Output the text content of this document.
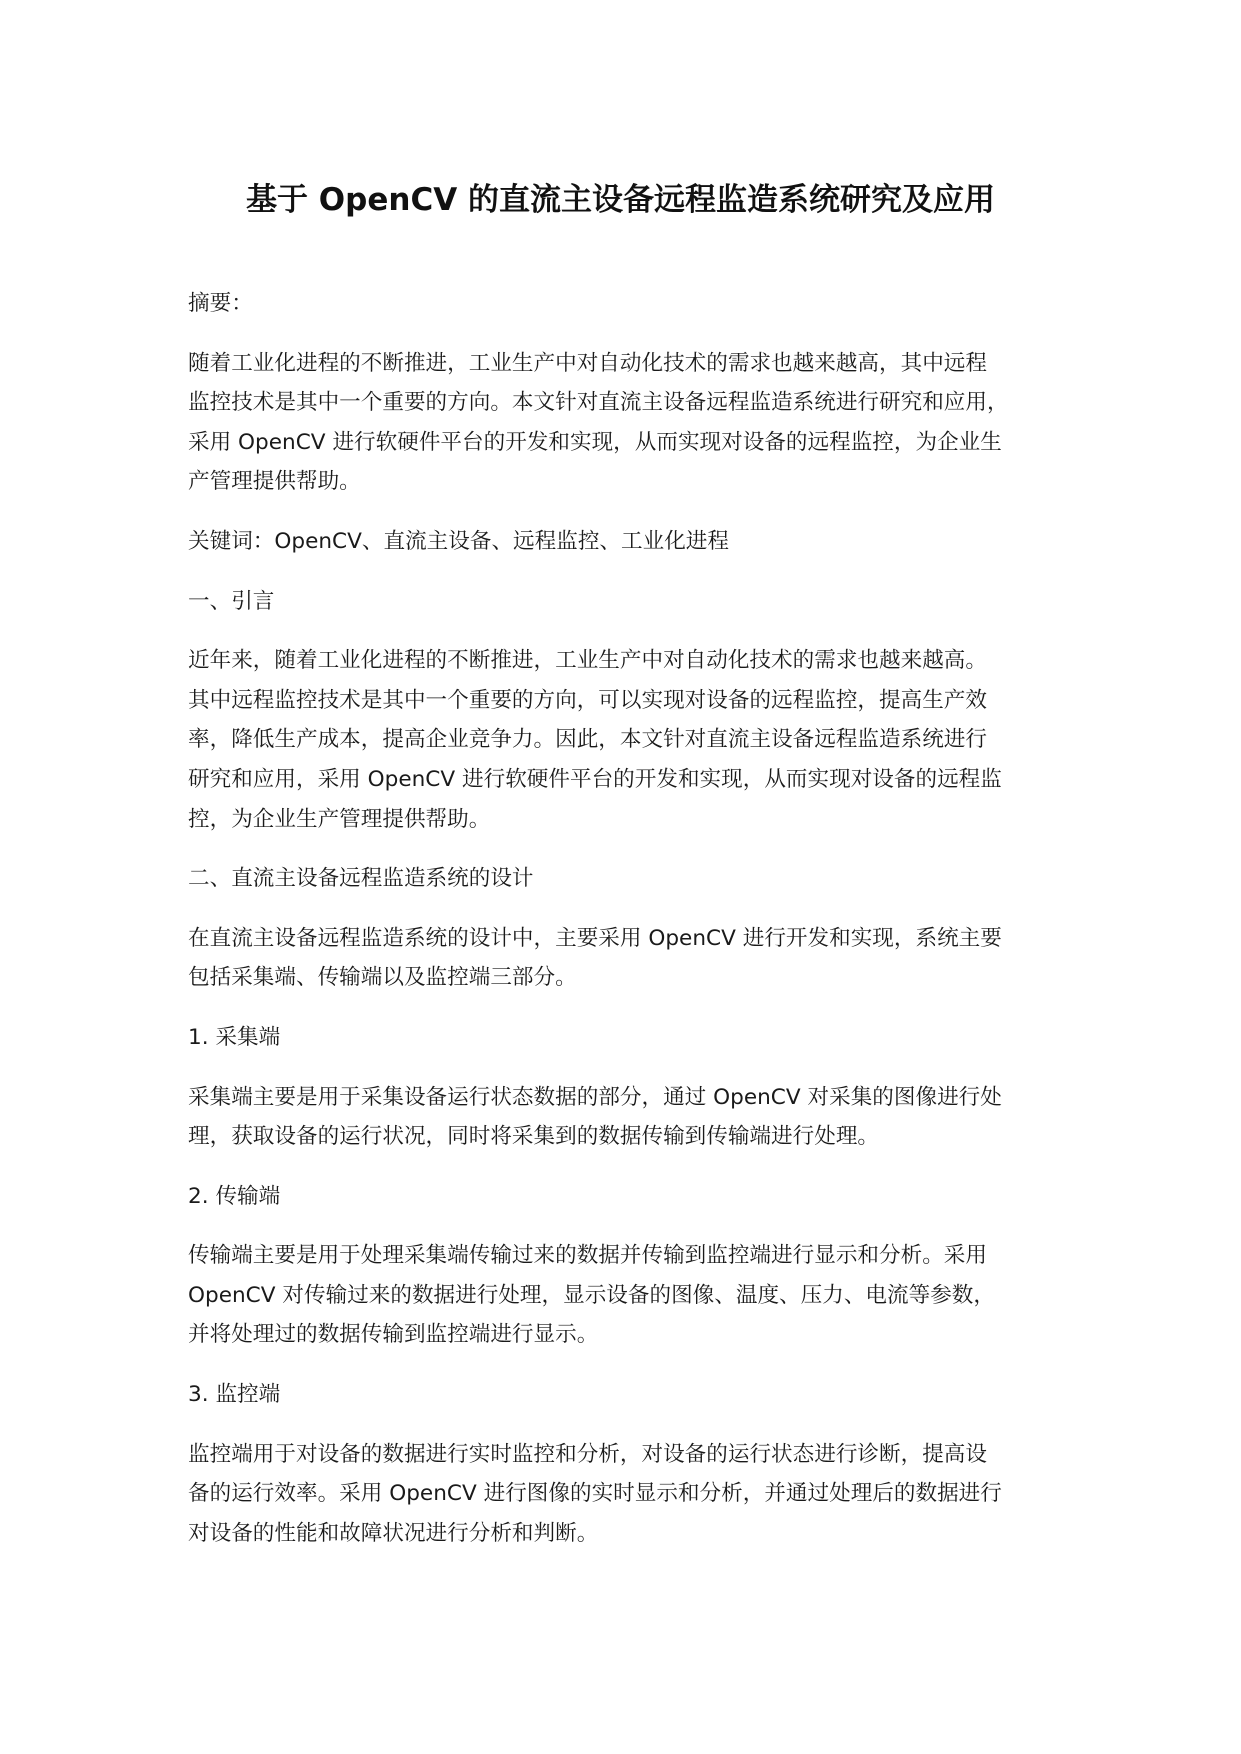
基于 OpenCV 的直流主设备远程监造系统研究及应用

摘要：

随着工业化进程的不断推进，工业生产中对自动化技术的需求也越来越高，其中远程
监控技术是其中一个重要的方向。本文针对直流主设备远程监造系统进行研究和应用，
采用 OpenCV 进行软硬件平台的开发和实现，从而实现对设备的远程监控，为企业生
产管理提供帮助。

关键词：OpenCV、直流主设备、远程监控、工业化进程

一、引言

近年来，随着工业化进程的不断推进，工业生产中对自动化技术的需求也越来越高。
其中远程监控技术是其中一个重要的方向，可以实现对设备的远程监控，提高生产效
率，降低生产成本，提高企业竞争力。因此，本文针对直流主设备远程监造系统进行
研究和应用，采用 OpenCV 进行软硬件平台的开发和实现，从而实现对设备的远程监
控，为企业生产管理提供帮助。

二、直流主设备远程监造系统的设计

在直流主设备远程监造系统的设计中，主要采用 OpenCV 进行开发和实现，系统主要
包括采集端、传输端以及监控端三部分。

1. 采集端

采集端主要是用于采集设备运行状态数据的部分，通过 OpenCV 对采集的图像进行处
理，获取设备的运行状况，同时将采集到的数据传输到传输端进行处理。

2. 传输端

传输端主要是用于处理采集端传输过来的数据并传输到监控端进行显示和分析。采用
OpenCV 对传输过来的数据进行处理，显示设备的图像、温度、压力、电流等参数，
并将处理过的数据传输到监控端进行显示。

3. 监控端

监控端用于对设备的数据进行实时监控和分析，对设备的运行状态进行诊断，提高设
备的运行效率。采用 OpenCV 进行图像的实时显示和分析，并通过处理后的数据进行
对设备的性能和故障状况进行分析和判断。
